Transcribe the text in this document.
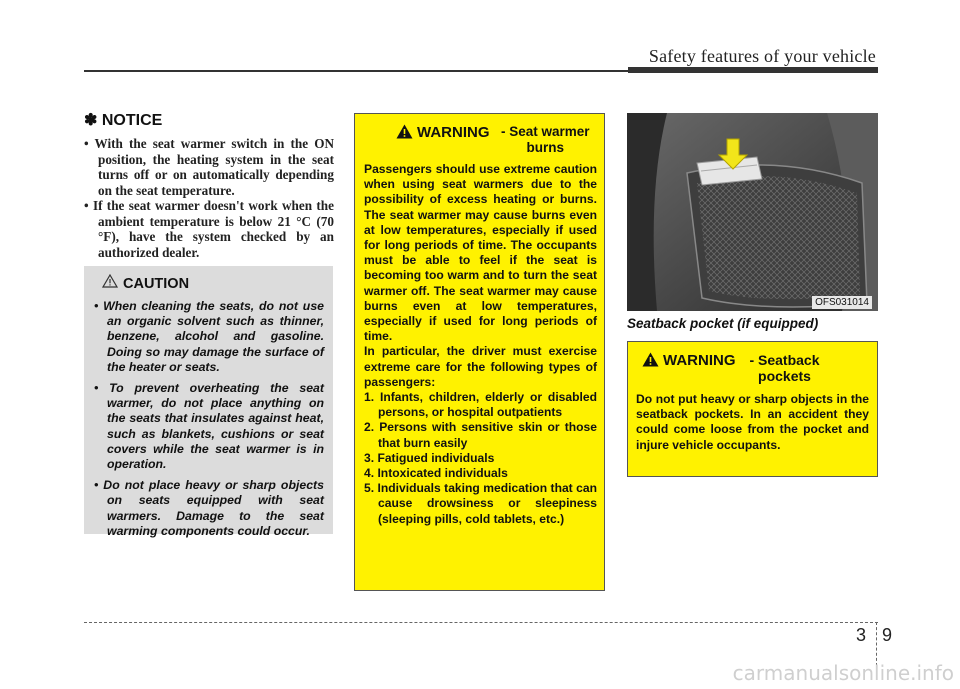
Safety features of your vehicle
✽ NOTICE
• With the seat warmer switch in the ON position, the heating system in the seat turns off or on automatically depending on the seat temperature.
• If the seat warmer doesn't work when the ambient temperature is below 21 °C (70 °F), have the system checked by an authorized dealer.
CAUTION
• When cleaning the seats, do not use an organic solvent such as thinner, benzene, alcohol and gasoline. Doing so may damage the surface of the heater or seats.
• To prevent overheating the seat warmer, do not place anything on the seats that insulates against heat, such as blankets, cushions or seat covers while the seat warmer is in operation.
• Do not place heavy or sharp objects on seats equipped with seat warmers. Damage to the seat warming components could occur.
WARNING - Seat warmer burns

Passengers should use extreme caution when using seat warmers due to the possibility of excess heating or burns. The seat warmer may cause burns even at low temperatures, especially if used for long periods of time. The occupants must be able to feel if the seat is becoming too warm and to turn the seat warmer off. The seat warmer may cause burns even at low temperatures, especially if used for long periods of time.

In particular, the driver must exercise extreme care for the following types of passengers:

1. Infants, children, elderly or disabled persons, or hospital outpatients
2. Persons with sensitive skin or those that burn easily
3. Fatigued individuals
4. Intoxicated individuals
5. Individuals taking medication that can cause drowsiness or sleepiness (sleeping pills, cold tablets, etc.)
OFS031014
Seatback pocket (if equipped)
WARNING - Seatback pockets

Do not put heavy or sharp objects in the seatback pockets. In an accident they could come loose from the pocket and injure vehicle occupants.

3 9
carmanualsonline.info
